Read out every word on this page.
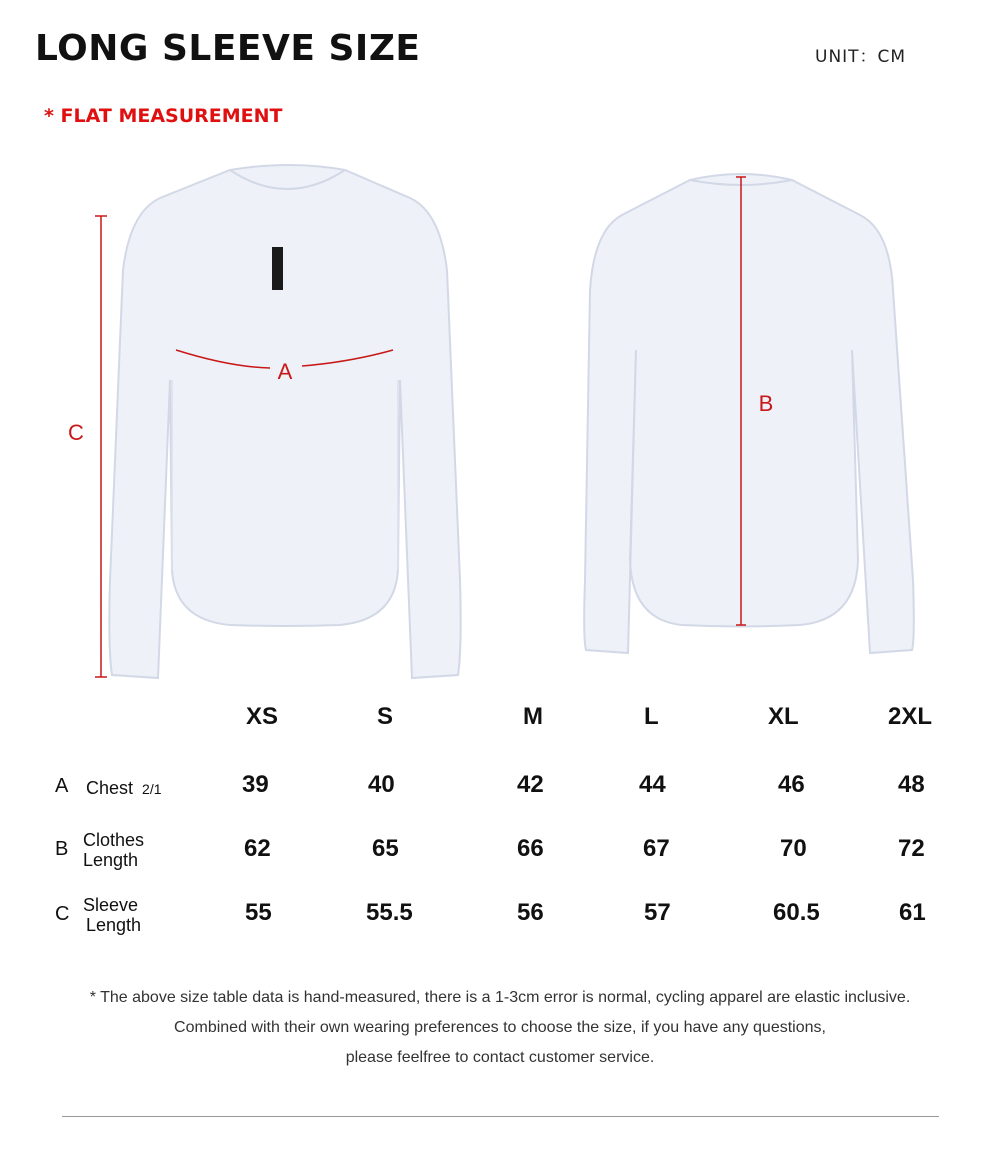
LONG SLEEVE SIZE	UNIT：CM
* FLAT MEASUREMENT
A
B
C
XS	S	M	L	XL	2XL
A Chest 2/1	39	40	42	44	46	48
B Clothes
Length	62	65	66	67	70	72
C Sleeve
Length	55	55.5	56	57	60.5	61
* The above size table data is hand-measured, there is a 1-3cm error is normal, cycling apparel are elastic inclusive.
Combined with their own wearing preferences to choose the size, if you have any questions,
please feelfree to contact customer service.
